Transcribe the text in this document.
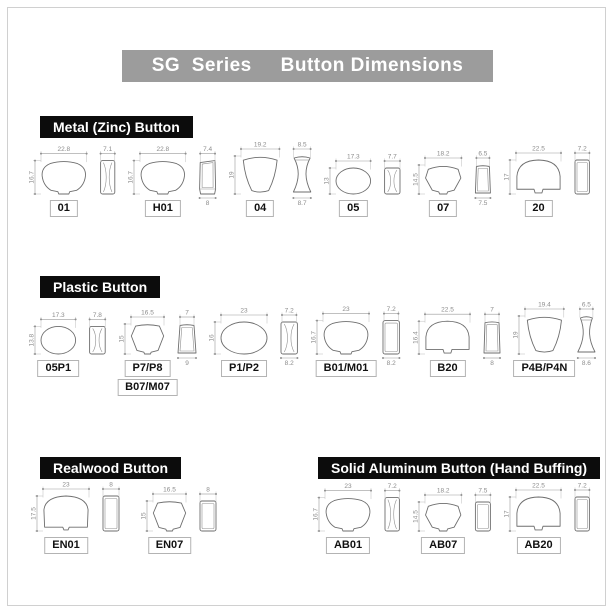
SG  Series     Button Dimensions
Metal (Zinc) Button
22.8
16.7
7.1
01
22.8
16.7
7.4
8
H01
19.2
19
8.5
8.7
04
17.3
13
7.7
05
18.2
14.5
6.5
7.5
07
22.5
17
7.2
20
Plastic Button
17.3
13.8
7.8
05P1
16.5
15
7
9
P7/P8
B07/M07
23
16
7.2
8.2
P1/P2
23
16.7
7.2
8.2
B01/M01
22.5
16.4
7
8
B20
19.4
19
6.5
8.6
P4B/P4N
Realwood Button
23
17.5
8
EN01
16.5
15
8
EN07
Solid Aluminum Button (Hand Buffing)
23
16.7
7.2
AB01
18.2
14.5
7.5
AB07
22.5
17
7.2
AB20
